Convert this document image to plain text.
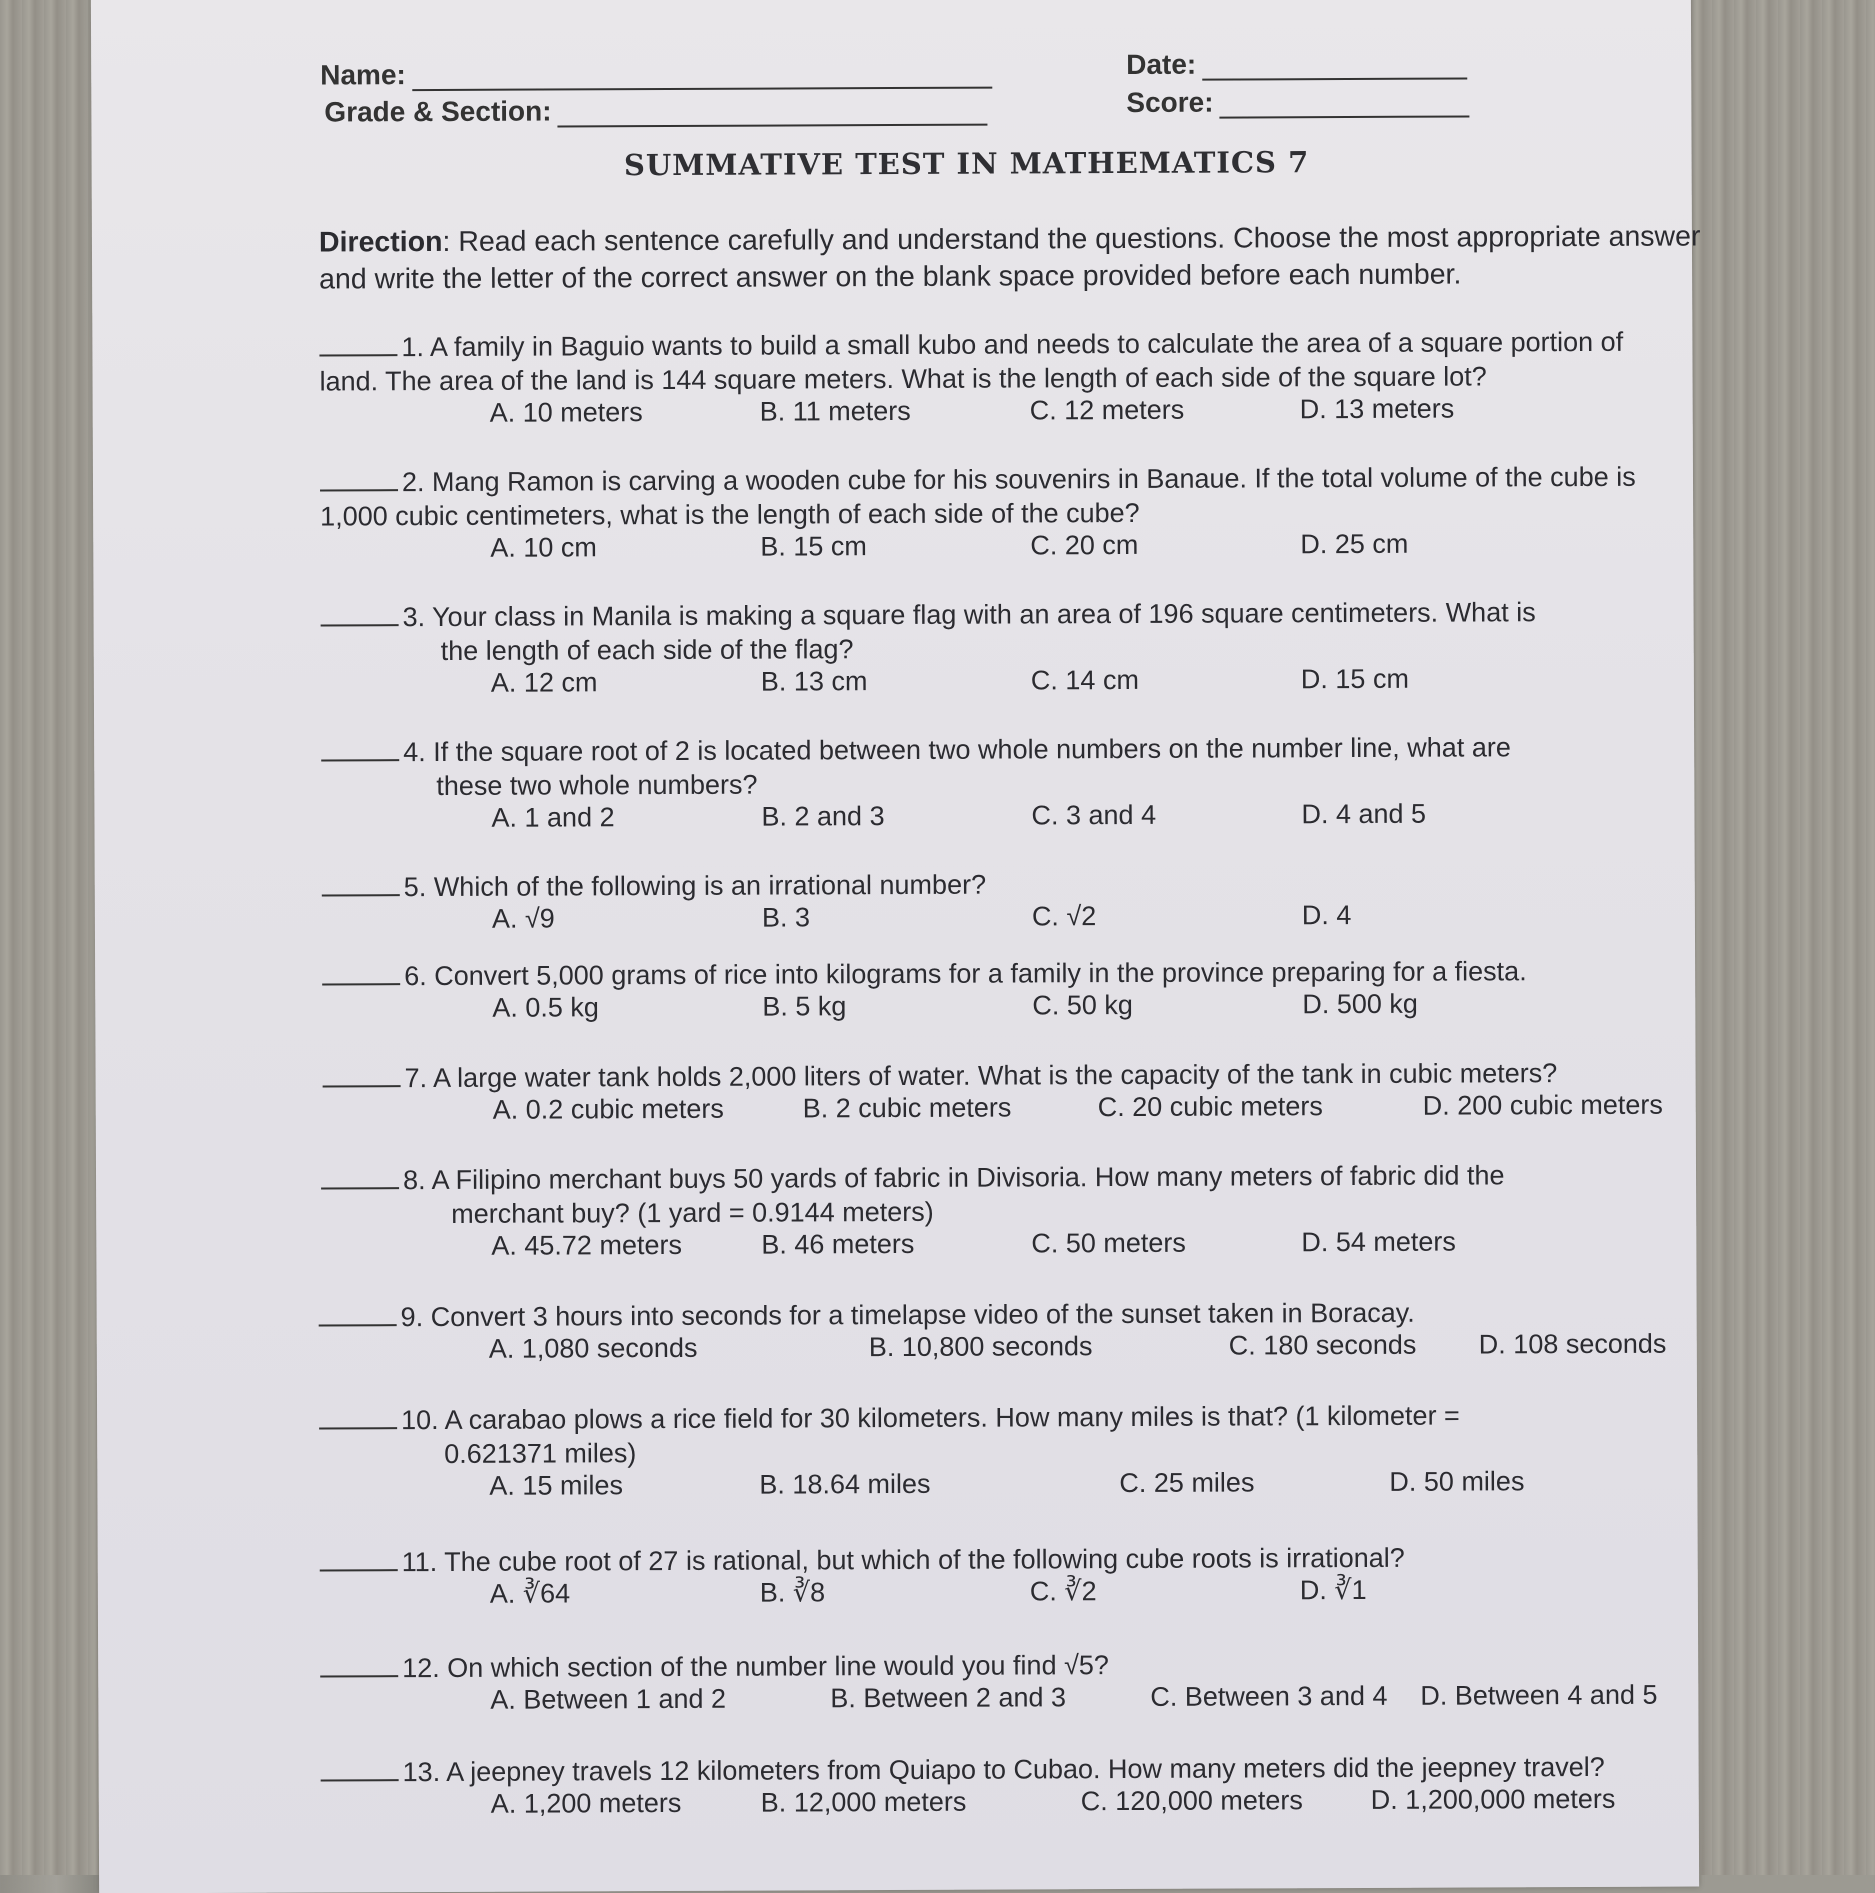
Name:	Date:
Grade & Section:	Score:
SUMMATIVE TEST IN MATHEMATICS 7
Direction: Read each sentence carefully and understand the questions. Choose the most appropriate answer and write the letter of the correct answer on the blank space provided before each number.
1. A family in Baguio wants to build a small kubo and needs to calculate the area of a square portion of
land. The area of the land is 144 square meters. What is the length of each side of the square lot?
A. 10 meters	B. 11 meters	C. 12 meters	D. 13 meters
2. Mang Ramon is carving a wooden cube for his souvenirs in Banaue. If the total volume of the cube is
1,000 cubic centimeters, what is the length of each side of the cube?
A. 10 cm	B. 15 cm	C. 20 cm	D. 25 cm
3. Your class in Manila is making a square flag with an area of 196 square centimeters. What is
the length of each side of the flag?
A. 12 cm	B. 13 cm	C. 14 cm	D. 15 cm
4. If the square root of 2 is located between two whole numbers on the number line, what are
these two whole numbers?
A. 1 and 2	B. 2 and 3	C. 3 and 4	D. 4 and 5
5. Which of the following is an irrational number?
A. √9	B. 3	C. √2	D. 4
6. Convert 5,000 grams of rice into kilograms for a family in the province preparing for a fiesta.
A. 0.5 kg	B. 5 kg	C. 50 kg	D. 500 kg
7. A large water tank holds 2,000 liters of water. What is the capacity of the tank in cubic meters?
A. 0.2 cubic meters	B. 2 cubic meters	C. 20 cubic meters	D. 200 cubic meters
8. A Filipino merchant buys 50 yards of fabric in Divisoria. How many meters of fabric did the
merchant buy? (1 yard = 0.9144 meters)
A. 45.72 meters	B. 46 meters	C. 50 meters	D. 54 meters
9. Convert 3 hours into seconds for a timelapse video of the sunset taken in Boracay.
A. 1,080 seconds	B. 10,800 seconds	C. 180 seconds D. 108 seconds
10. A carabao plows a rice field for 30 kilometers. How many miles is that? (1 kilometer =
0.621371 miles)
A. 15 miles	B. 18.64 miles	C. 25 miles	D. 50 miles
11. The cube root of 27 is rational, but which of the following cube roots is irrational?
A. ∛64	B. ∛8	C. ∛2	D. ∛1
12. On which section of the number line would you find √5?
A. Between 1 and 2	B. Between 2 and 3	C. Between 3 and 4 D. Between 4 and 5
13. A jeepney travels 12 kilometers from Quiapo to Cubao. How many meters did the jeepney travel?
A. 1,200 meters	B. 12,000 meters	C. 120,000 meters	D. 1,200,000 meters
